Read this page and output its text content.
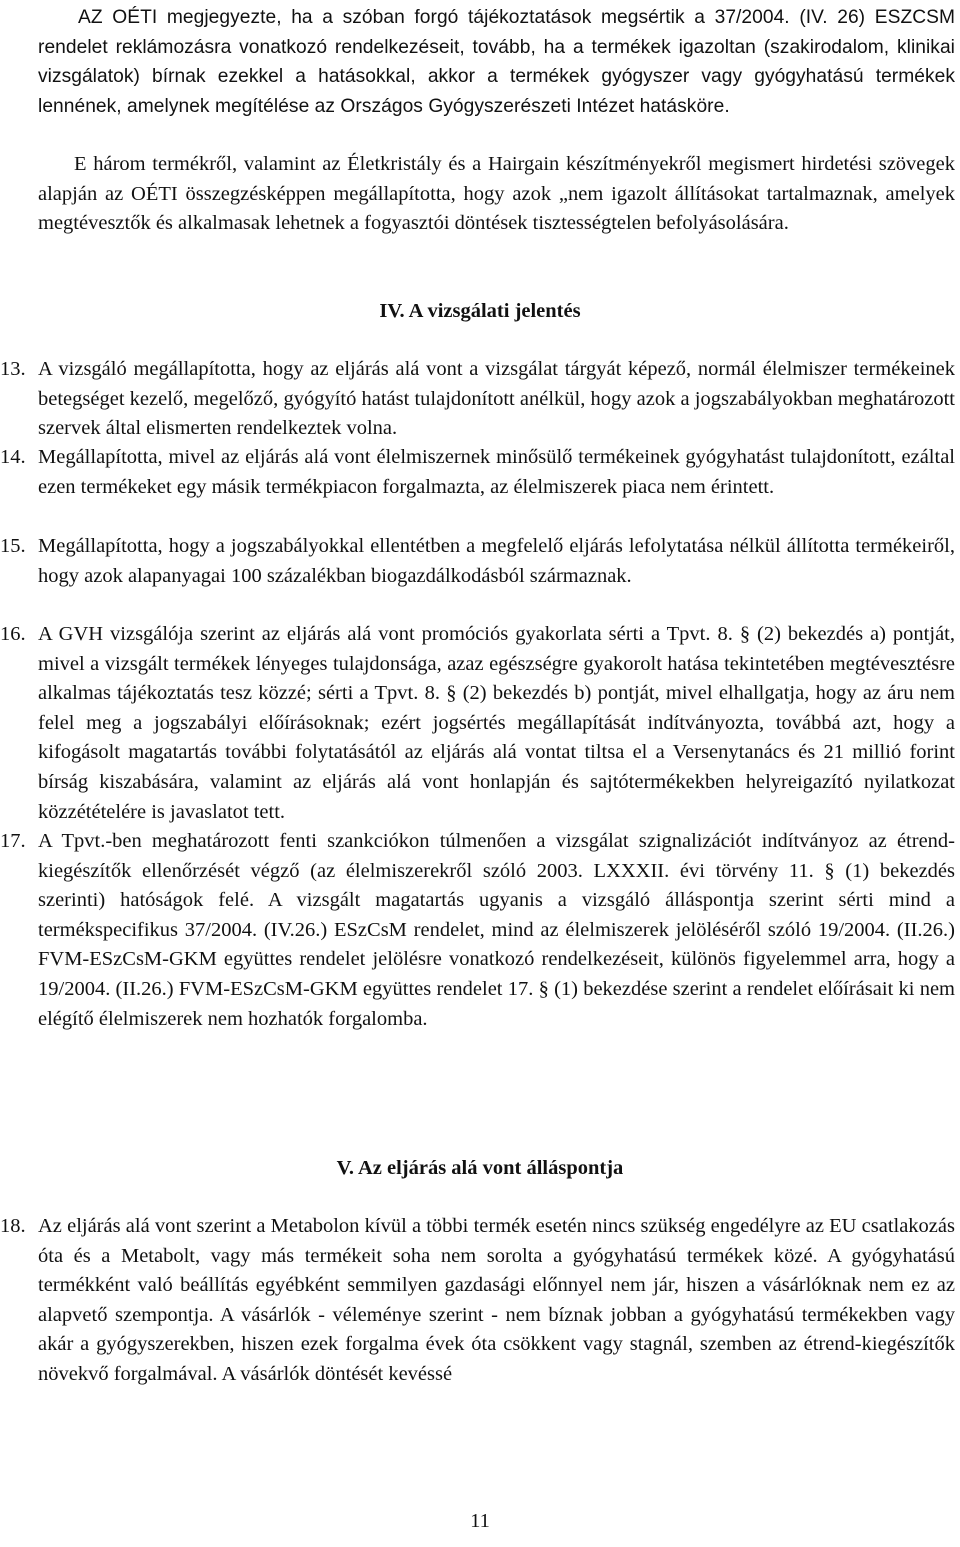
AZ OÉTI megjegyezte, ha a szóban forgó tájékoztatások megsértik a 37/2004. (IV. 26) ESZCSM rendelet reklámozásra vonatkozó rendelkezéseit, tovább, ha a termékek igazoltan (szakirodalom, klinikai vizsgálatok) bírnak ezekkel a hatásokkal, akkor a termékek gyógyszer vagy gyógyhatású termékek lennének, amelynek megítélése az Országos Gyógyszerészeti Intézet hatásköre.

E három termékről, valamint az Életkristály és a Hairgain készítményekről megismert hirdetési szövegek alapján az OÉTI összegzésképpen megállapította, hogy azok „nem igazolt állításokat tartalmaznak, amelyek megtévesztők és alkalmasak lehetnek a fogyasztói döntések tisztességtelen befolyásolására.

IV. A vizsgálati jelentés
13. A vizsgáló megállapította, hogy az eljárás alá vont a vizsgálat tárgyát képező, normál élelmiszer termékeinek betegséget kezelő, megelőző, gyógyító hatást tulajdonított anélkül, hogy azok a jogszabályokban meghatározott szervek által elismerten rendelkeztek volna.
14. Megállapította, mivel az eljárás alá vont élelmiszernek minősülő termékeinek gyógyhatást tulajdonított, ezáltal ezen termékeket egy másik termékpiacon forgalmazta, az élelmiszerek piaca nem érintett.
15. Megállapította, hogy a jogszabályokkal ellentétben a megfelelő eljárás lefolytatása nélkül állította termékeiről, hogy azok alapanyagai 100 százalékban biogazdálkodásból származnak.
16. A GVH vizsgálója szerint az eljárás alá vont promóciós gyakorlata sérti a Tpvt. 8. § (2) bekezdés a) pontját, mivel a vizsgált termékek lényeges tulajdonsága, azaz egészségre gyakorolt hatása tekintetében megtévesztésre alkalmas tájékoztatás tesz közzé; sérti a Tpvt. 8. § (2) bekezdés b) pontját, mivel elhallgatja, hogy az áru nem felel meg a jogszabályi előírásoknak; ezért jogsértés megállapítását indítványozta, továbbá azt, hogy a kifogásolt magatartás további folytatásától az eljárás alá vontat tiltsa el a Versenytanács és 21 millió forint bírság kiszabására, valamint az eljárás alá vont honlapján és sajtótermékekben helyreigazító nyilatkozat közzétételére is javaslatot tett.
17. A Tpvt.-ben meghatározott fenti szankciókon túlmenően a vizsgálat szignalizációt indítványoz az étrend-kiegészítők ellenőrzését végző (az élelmiszerekről szóló 2003. LXXXII. évi törvény 11. § (1) bekezdés szerinti) hatóságok felé. A vizsgált magatartás ugyanis a vizsgáló álláspontja szerint sérti mind a termékspecifikus 37/2004. (IV.26.) ESzCsM rendelet, mind az élelmiszerek jelöléséről szóló 19/2004. (II.26.) FVM-ESzCsM-GKM együttes rendelet jelölésre vonatkozó rendelkezéseit, különös figyelemmel arra, hogy a 19/2004. (II.26.) FVM-ESzCsM-GKM együttes rendelet 17. § (1) bekezdése szerint a rendelet előírásait ki nem elégítő élelmiszerek nem hozhatók forgalomba.
V. Az eljárás alá vont álláspontja
18. Az eljárás alá vont szerint a Metabolon kívül a többi termék esetén nincs szükség engedélyre az EU csatlakozás óta és a Metabolt, vagy más termékeit soha nem sorolta a gyógyhatású termékek közé. A gyógyhatású termékként való beállítás egyébként semmilyen gazdasági előnnyel nem jár, hiszen a vásárlóknak nem ez az alapvető szempontja. A vásárlók - véleménye szerint - nem bíznak jobban a gyógyhatású termékekben vagy akár a gyógyszerekben, hiszen ezek forgalma évek óta csökkent vagy stagnál, szemben az étrend-kiegészítők növekvő forgalmával. A vásárlók döntését kevéssé

11
